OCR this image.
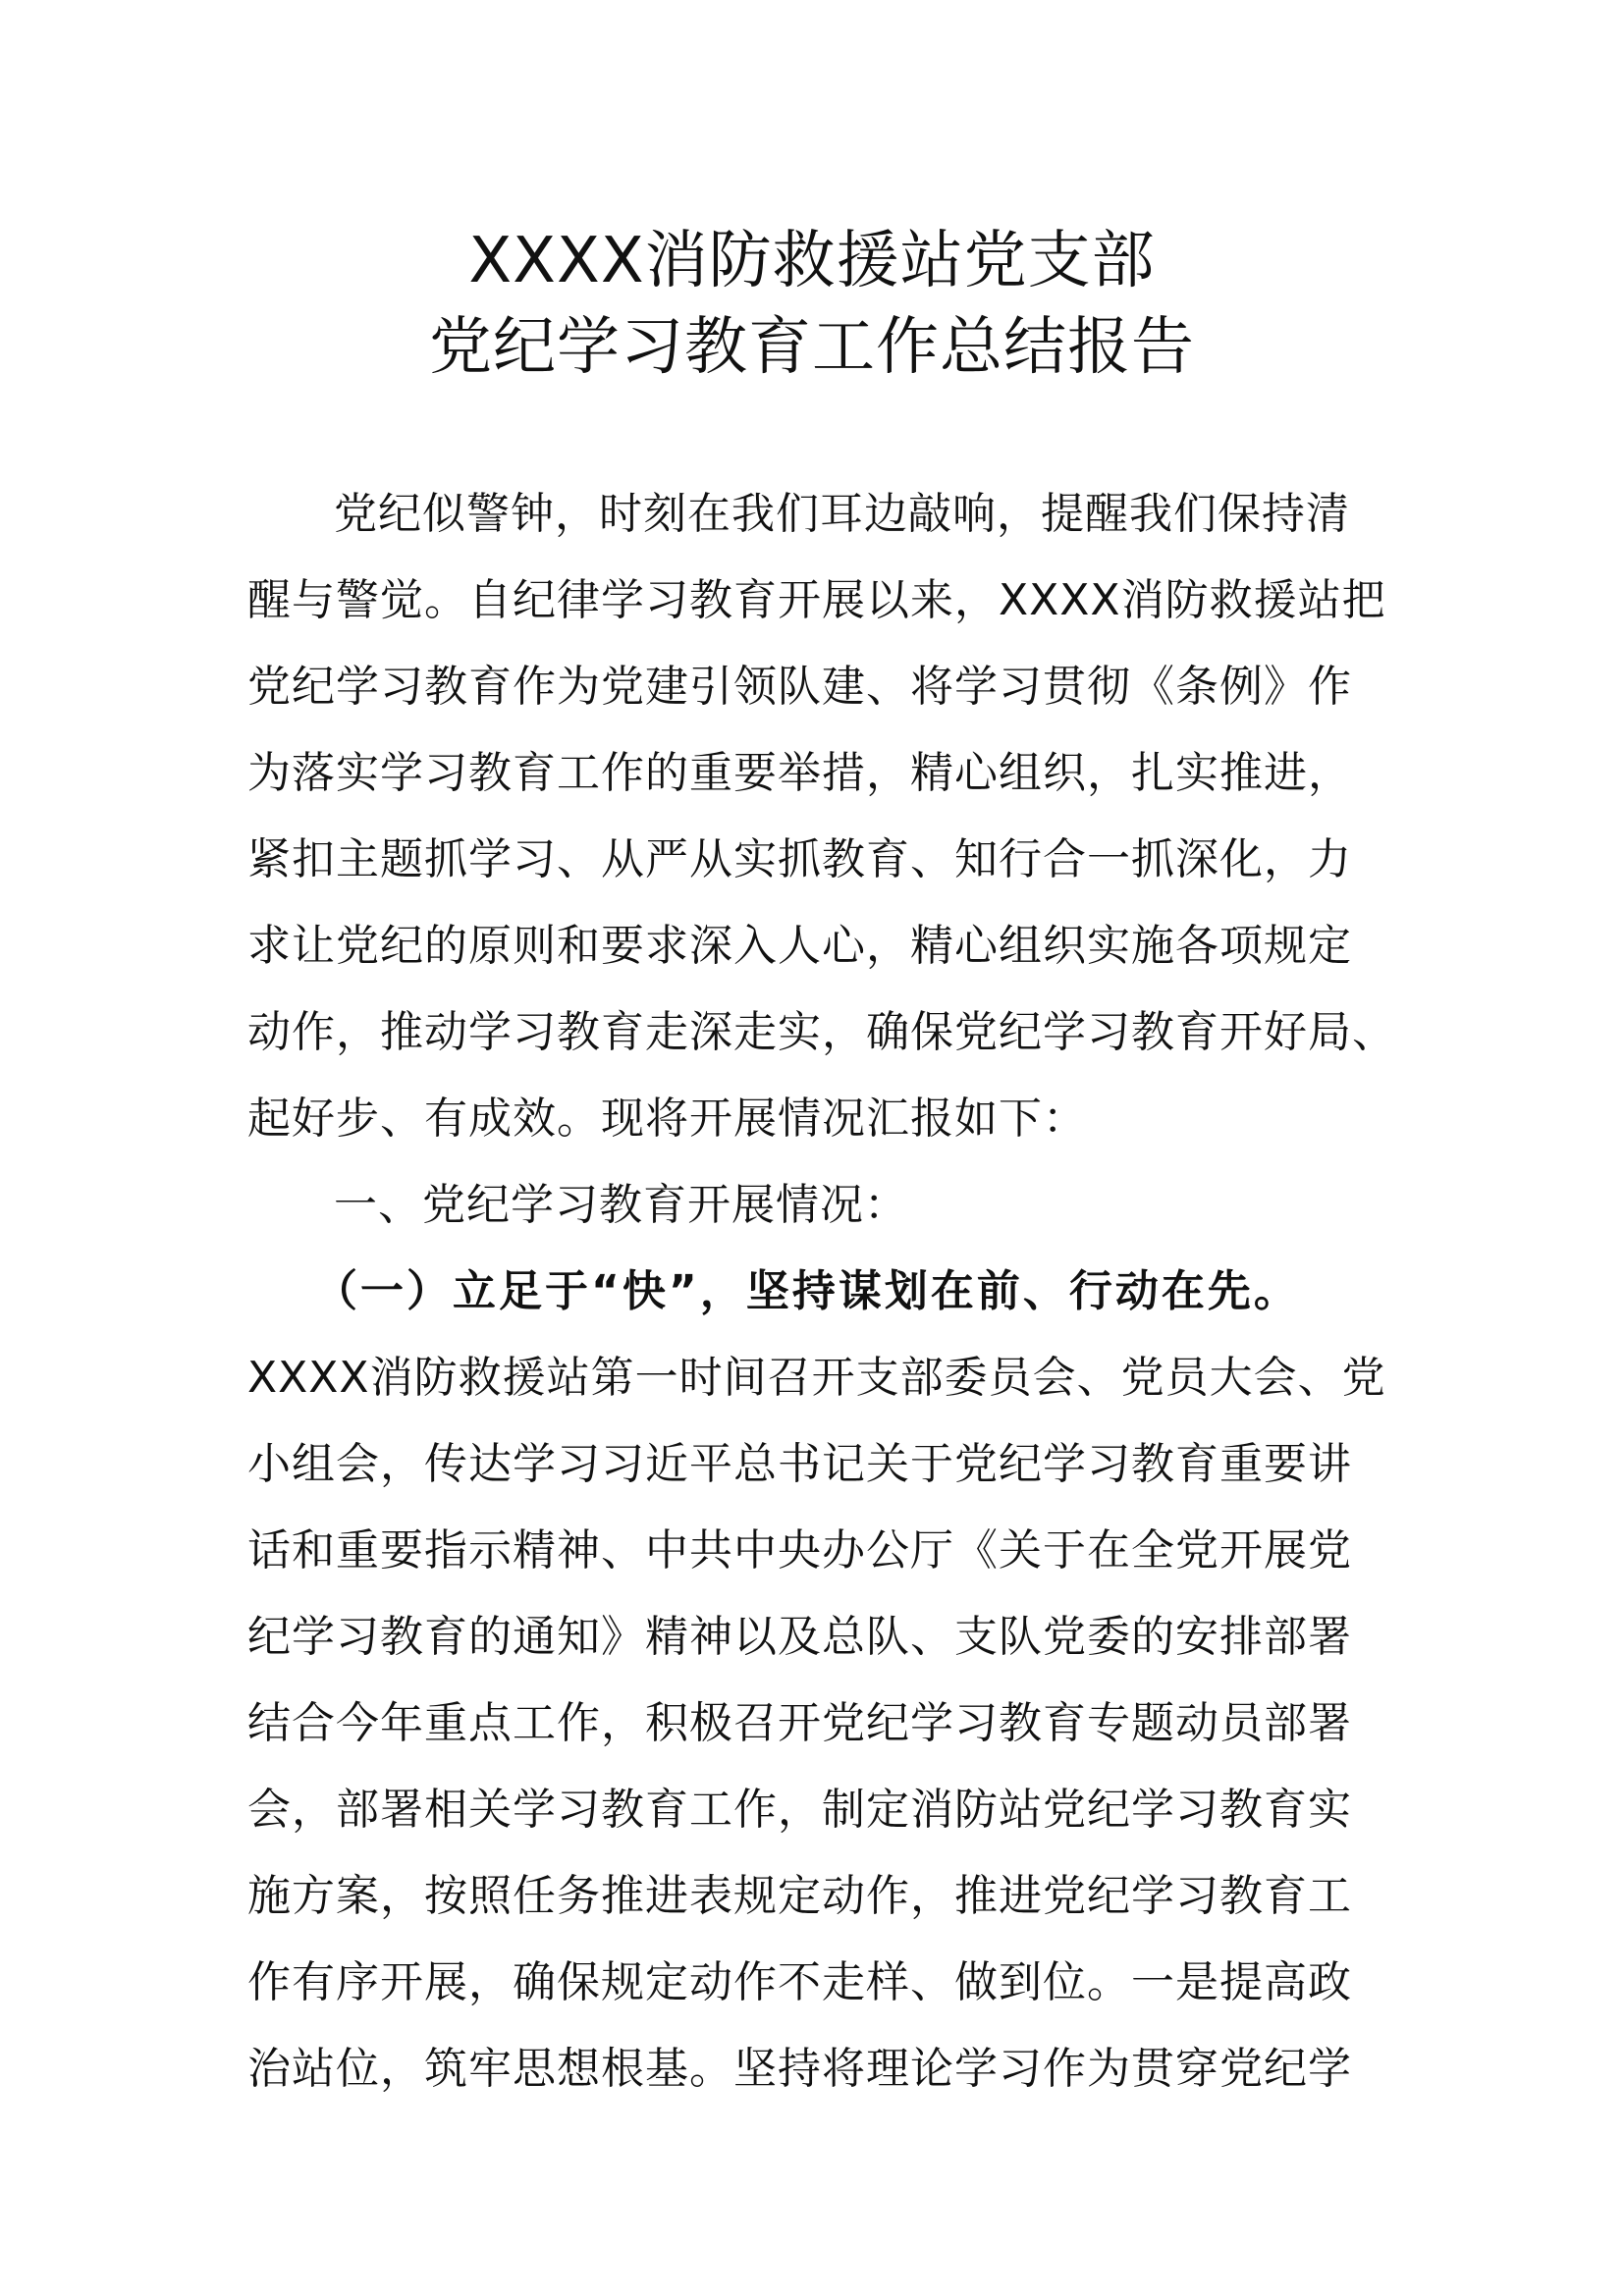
XXXX消防救援站党支部
党纪学习教育工作总结报告
党纪似警钟，时刻在我们耳边敲响，提醒我们保持清
醒与警觉。自纪律学习教育开展以来，XXXX消防救援站把
党纪学习教育作为党建引领队建、将学习贯彻《条例》作
为落实学习教育工作的重要举措，精心组织，扎实推进，
紧扣主题抓学习、从严从实抓教育、知行合一抓深化，力
求让党纪的原则和要求深入人心，精心组织实施各项规定
动作，推动学习教育走深走实，确保党纪学习教育开好局、
起好步、有成效。现将开展情况汇报如下：
一、党纪学习教育开展情况：
（一）立足于“快”，坚持谋划在前、行动在先。
XXXX消防救援站第一时间召开支部委员会、党员大会、党
小组会，传达学习习近平总书记关于党纪学习教育重要讲
话和重要指示精神、中共中央办公厅《关于在全党开展党
纪学习教育的通知》精神以及总队、支队党委的安排部署
结合今年重点工作，积极召开党纪学习教育专题动员部署
会，部署相关学习教育工作，制定消防站党纪学习教育实
施方案，按照任务推进表规定动作，推进党纪学习教育工
作有序开展，确保规定动作不走样、做到位。一是提高政
治站位，筑牢思想根基。坚持将理论学习作为贯穿党纪学
